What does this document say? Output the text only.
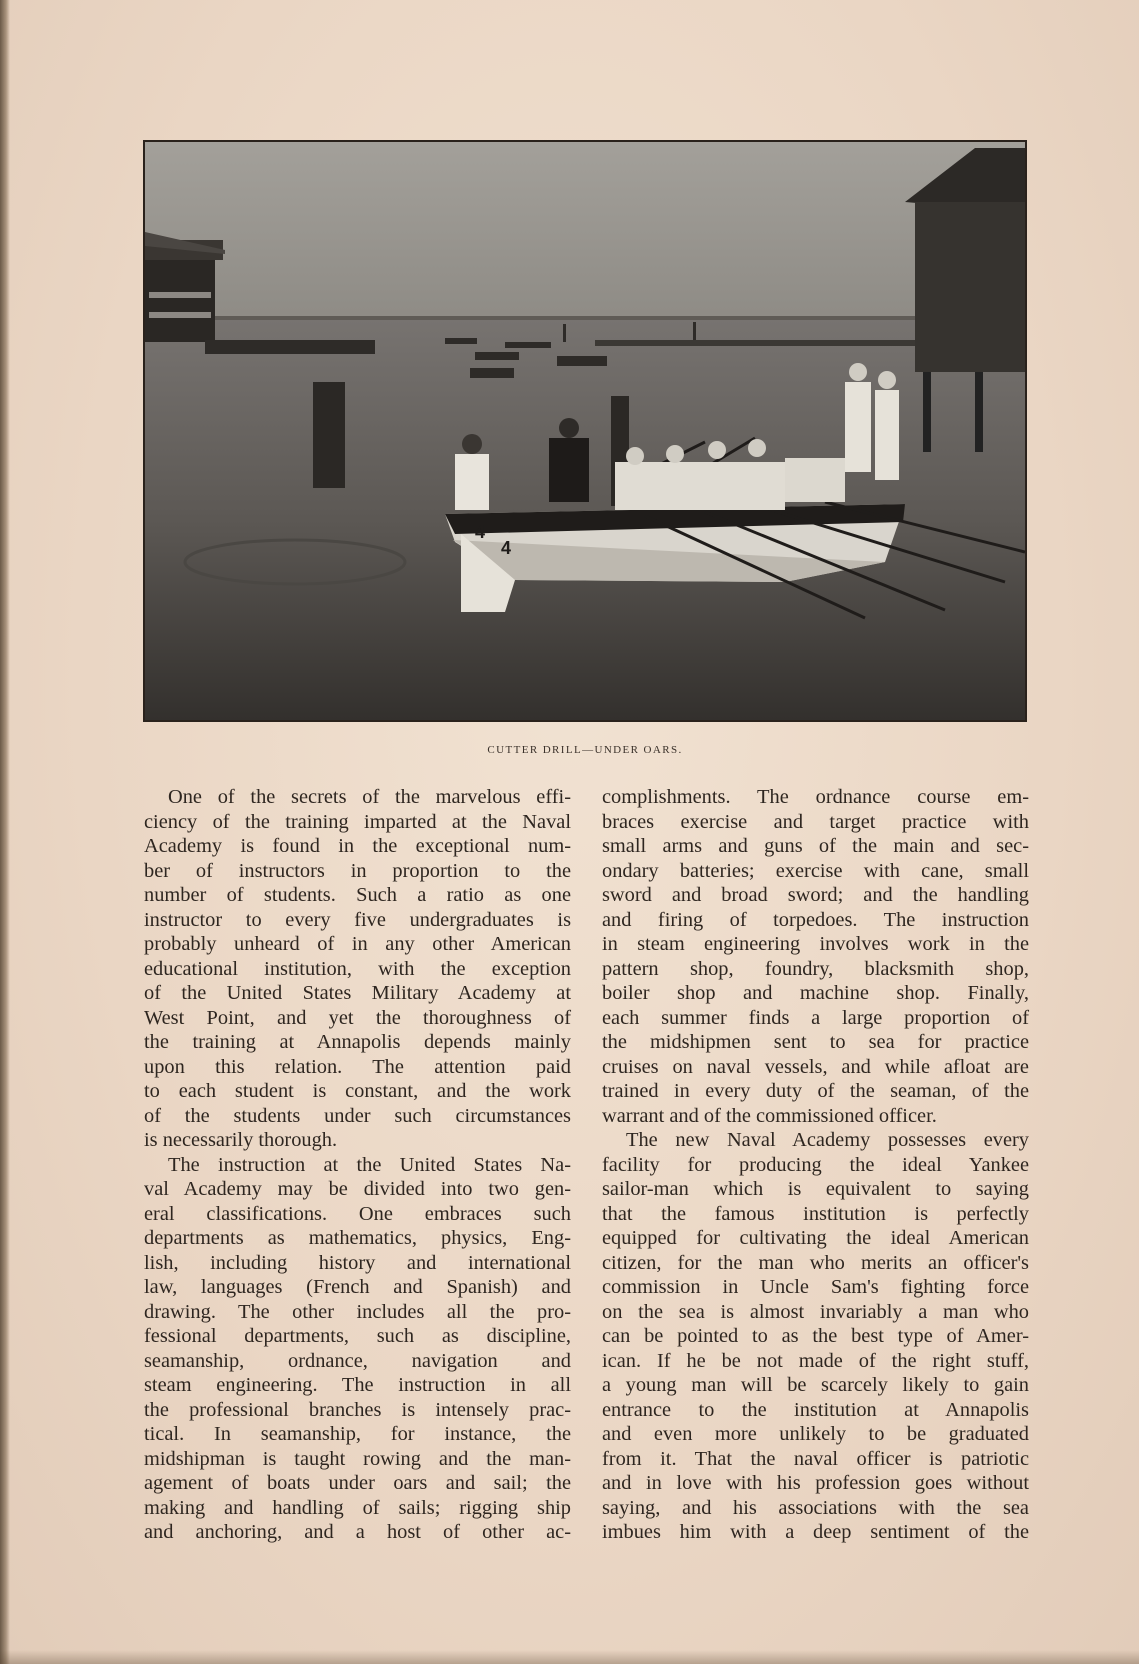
4
4
CUTTER DRILL—UNDER OARS.
One of the secrets of the marvelous effi-
ciency of the training imparted at the Naval
Academy is found in the exceptional num-
ber of instructors in proportion to the
number of students. Such a ratio as one
instructor to every five undergraduates is
probably unheard of in any other American
educational institution, with the exception
of the United States Military Academy at
West Point, and yet the thoroughness of
the training at Annapolis depends mainly
upon this relation. The attention paid
to each student is constant, and the work
of the students under such circumstances
is necessarily thorough.
The instruction at the United States Na-
val Academy may be divided into two gen-
eral classifications. One embraces such
departments as mathematics, physics, Eng-
lish, including history and international
law, languages (French and Spanish) and
drawing. The other includes all the pro-
fessional departments, such as discipline,
seamanship, ordnance, navigation and
steam engineering. The instruction in all
the professional branches is intensely prac-
tical. In seamanship, for instance, the
midshipman is taught rowing and the man-
agement of boats under oars and sail; the
making and handling of sails; rigging ship
and anchoring, and a host of other ac-
complishments. The ordnance course em-
braces exercise and target practice with
small arms and guns of the main and sec-
ondary batteries; exercise with cane, small
sword and broad sword; and the handling
and firing of torpedoes. The instruction
in steam engineering involves work in the
pattern shop, foundry, blacksmith shop,
boiler shop and machine shop. Finally,
each summer finds a large proportion of
the midshipmen sent to sea for practice
cruises on naval vessels, and while afloat are
trained in every duty of the seaman, of the
warrant and of the commissioned officer.
The new Naval Academy possesses every
facility for producing the ideal Yankee
sailor-man which is equivalent to saying
that the famous institution is perfectly
equipped for cultivating the ideal American
citizen, for the man who merits an officer's
commission in Uncle Sam's fighting force
on the sea is almost invariably a man who
can be pointed to as the best type of Amer-
ican. If he be not made of the right stuff,
a young man will be scarcely likely to gain
entrance to the institution at Annapolis
and even more unlikely to be graduated
from it. That the naval officer is patriotic
and in love with his profession goes without
saying, and his associations with the sea
imbues him with a deep sentiment of the
